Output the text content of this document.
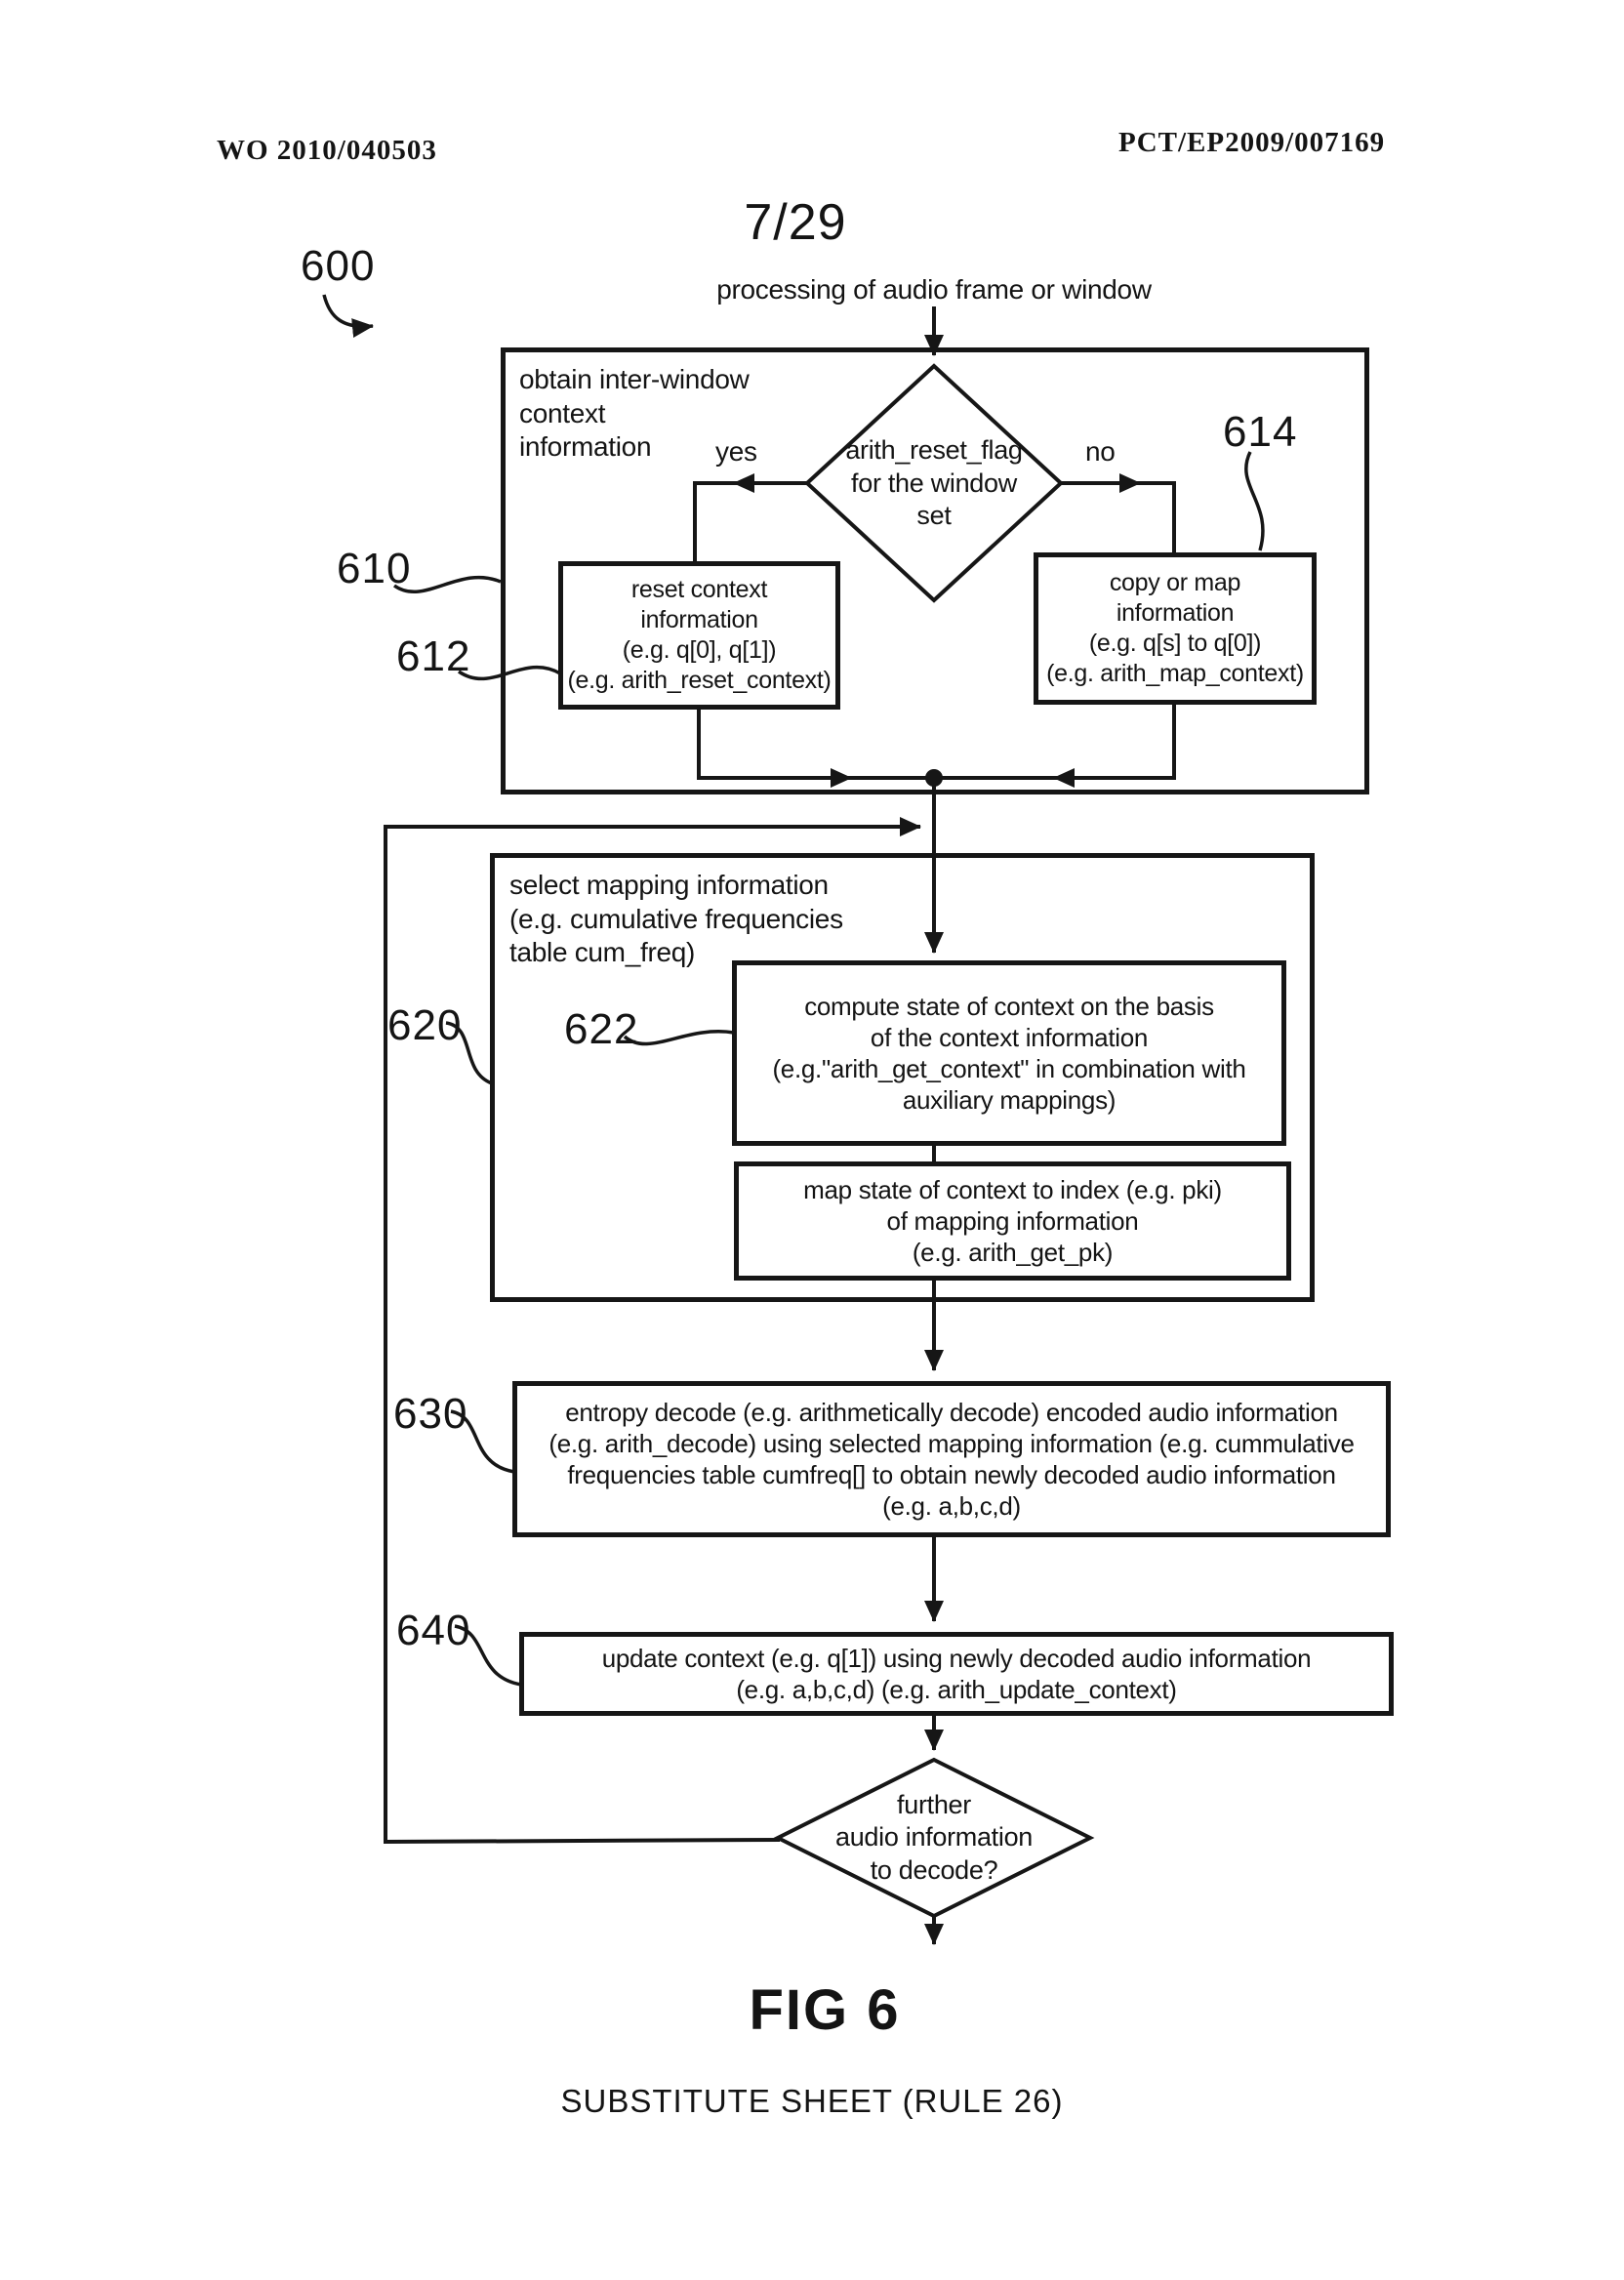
WO 2010/040503	PCT/EP2009/007169
7/29
processing of audio frame or window
600
610
612
614
620 622
630
640
obtain inter-window context
information	arith_reset_flag
for the window
set
yes	no
reset context
information
(e.g. q[0], q[1])
(e.g. arith_reset_context)
copy or map
information
(e.g. q[s] to q[0])
(e.g. arith_map_context)
select mapping information
(e.g. cumulative frequencies
table cum_freq)
compute state of context on the basis
of the context information
(e.g."arith_get_context" in combination with
auxiliary mappings)
map state of context to index (e.g. pki)
of mapping information
(e.g. arith_get_pk)
entropy decode (e.g. arithmetically decode) encoded audio information
(e.g. arith_decode) using selected mapping information (e.g. cummulative
frequencies table cumfreq[] to obtain newly decoded audio information
(e.g. a,b,c,d)
update context (e.g. q[1]) using newly decoded audio information
(e.g. a,b,c,d) (e.g. arith_update_context)
further
audio information
to decode?
FIG 6
SUBSTITUTE SHEET (RULE 26)
